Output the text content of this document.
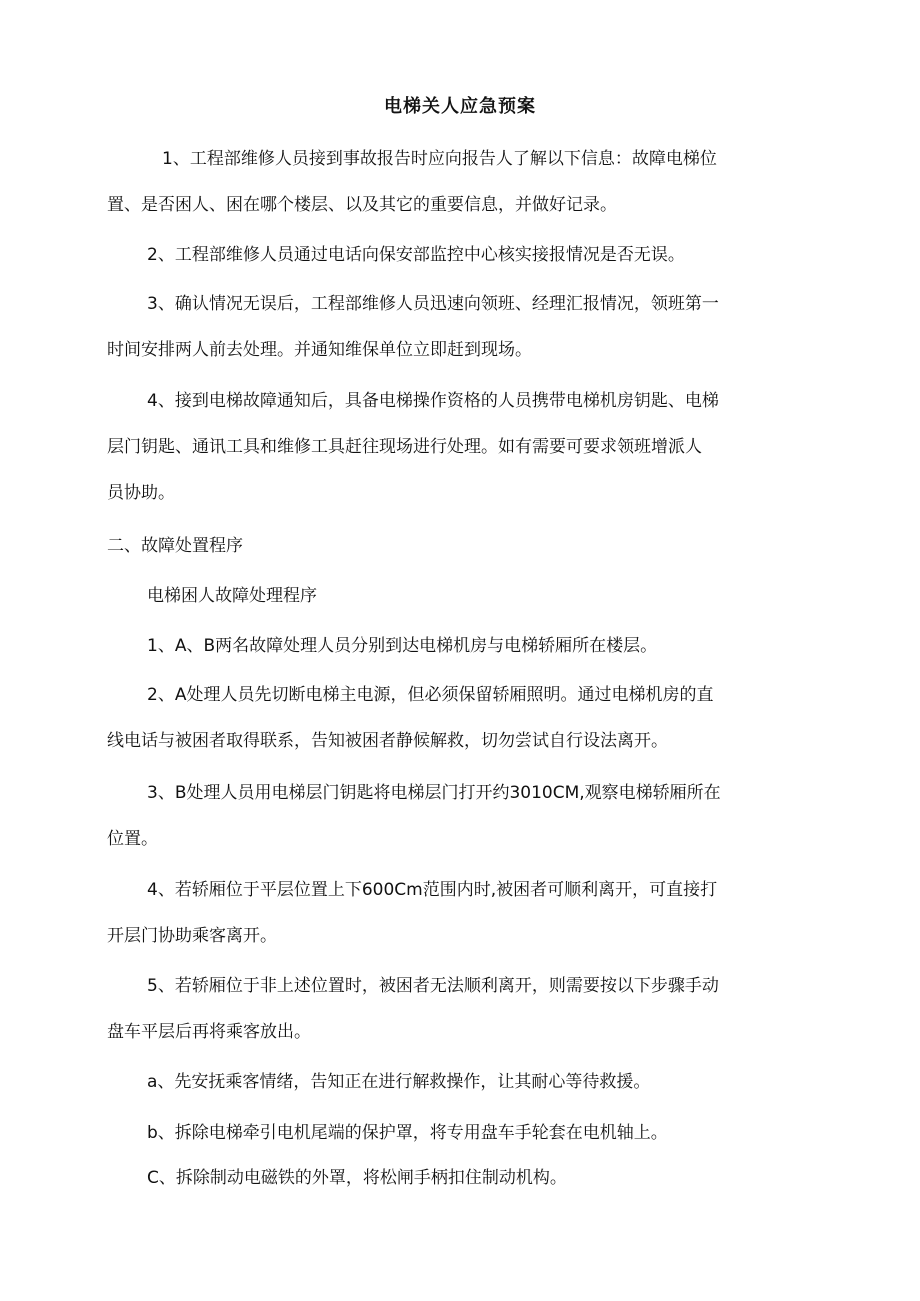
电梯关人应急预案
1、工程部维修人员接到事故报告时应向报告人了解以下信息：故障电梯位
置、是否困人、困在哪个楼层、以及其它的重要信息，并做好记录。
2、工程部维修人员通过电话向保安部监控中心核实接报情况是否无误。
3、确认情况无误后，工程部维修人员迅速向领班、经理汇报情况，领班第一
时间安排两人前去处理。并通知维保单位立即赶到现场。
4、接到电梯故障通知后，具备电梯操作资格的人员携带电梯机房钥匙、电梯
层门钥匙、通讯工具和维修工具赶往现场进行处理。如有需要可要求领班增派人
员协助。
二、故障处置程序
电梯困人故障处理程序
1、A、B两名故障处理人员分别到达电梯机房与电梯轿厢所在楼层。
2、A处理人员先切断电梯主电源，但必须保留轿厢照明。通过电梯机房的直
线电话与被困者取得联系，告知被困者静候解救，切勿尝试自行设法离开。
3、B处理人员用电梯层门钥匙将电梯层门打开约3010CM,观察电梯轿厢所在
位置。
4、若轿厢位于平层位置上下600Cm范围内时,被困者可顺利离开，可直接打
开层门协助乘客离开。
5、若轿厢位于非上述位置时，被困者无法顺利离开，则需要按以下步骤手动
盘车平层后再将乘客放出。
a、先安抚乘客情绪，告知正在进行解救操作，让其耐心等待救援。
b、拆除电梯牵引电机尾端的保护罩，将专用盘车手轮套在电机轴上。
C、拆除制动电磁铁的外罩，将松闸手柄扣住制动机构。
